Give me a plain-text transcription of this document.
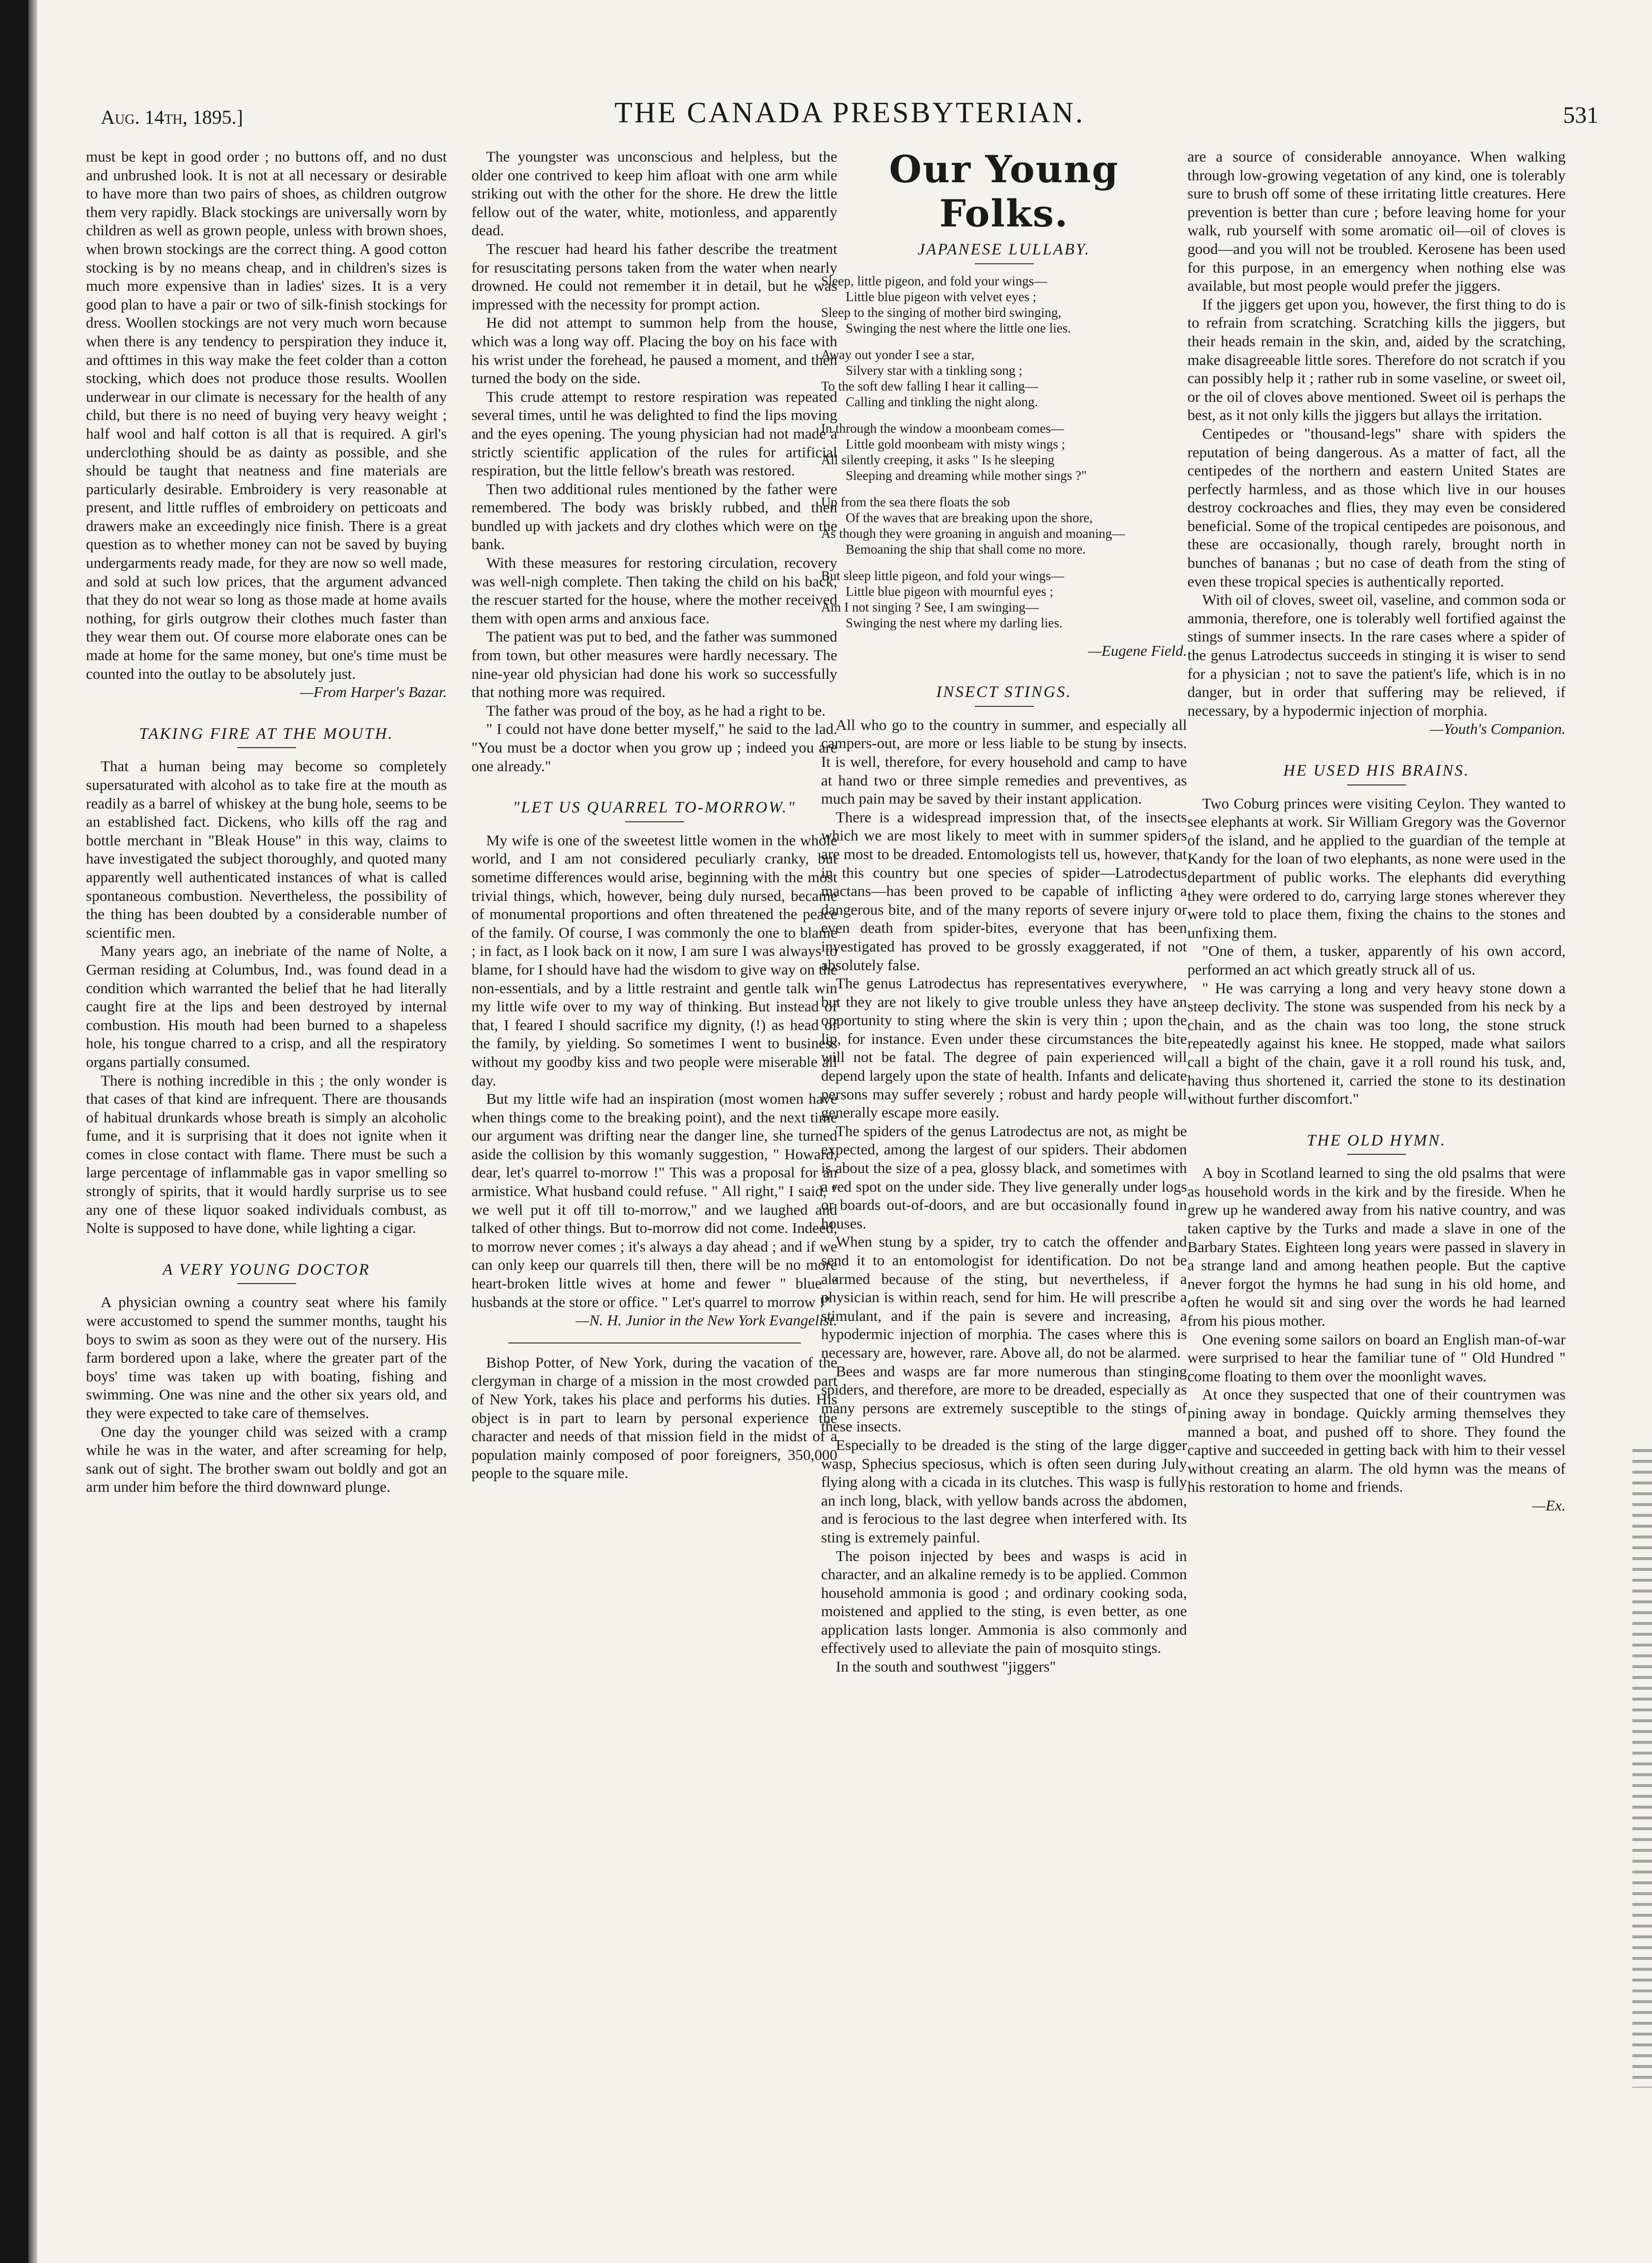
Aug. 14th, 1895.]	THE CANADA PRESBYTERIAN.	531

must be kept in good order ; no buttons off, and no dust and unbrushed look. It is not at all necessary or desirable to have more than two pairs of shoes, as children outgrow them very rapidly. Black stockings are universally worn by children as well as grown people, unless with brown shoes, when brown stockings are the correct thing. A good cotton stocking is by no means cheap, and in children's sizes is much more expensive than in ladies' sizes. It is a very good plan to have a pair or two of silk-finish stockings for dress. Woollen stockings are not very much worn because when there is any tendency to perspiration they induce it, and ofttimes in this way make the feet colder than a cotton stocking, which does not produce those results. Woollen underwear in our climate is necessary for the health of any child, but there is no need of buying very heavy weight ; half wool and half cotton is all that is required. A girl's underclothing should be as dainty as possible, and she should be taught that neatness and fine materials are particularly desirable. Embroidery is very reasonable at present, and little ruffles of embroidery on petticoats and drawers make an exceedingly nice finish. There is a great question as to whether money can not be saved by buying undergarments ready made, for they are now so well made, and sold at such low prices, that the argument advanced that they do not wear so long as those made at home avails nothing, for girls outgrow their clothes much faster than they wear them out. Of course more elaborate ones can be made at home for the same money, but one's time must be counted into the outlay to be absolutely just.

—From Harper's Bazar.

TAKING FIRE AT THE MOUTH.

That a human being may become so completely supersaturated with alcohol as to take fire at the mouth as readily as a barrel of whiskey at the bung hole, seems to be an established fact. Dickens, who kills off the rag and bottle merchant in "Bleak House" in this way, claims to have investigated the subject thoroughly, and quoted many apparently well authenticated instances of what is called spontaneous combustion. Nevertheless, the possibility of the thing has been doubted by a considerable number of scientific men.

Many years ago, an inebriate of the name of Nolte, a German residing at Columbus, Ind., was found dead in a condition which warranted the belief that he had literally caught fire at the lips and been destroyed by internal combustion. His mouth had been burned to a shapeless hole, his tongue charred to a crisp, and all the respiratory organs partially consumed.

There is nothing incredible in this ; the only wonder is that cases of that kind are infrequent. There are thousands of habitual drunkards whose breath is simply an alcoholic fume, and it is surprising that it does not ignite when it comes in close contact with flame. There must be such a large percentage of inflammable gas in vapor smelling so strongly of spirits, that it would hardly surprise us to see any one of these liquor soaked individuals combust, as Nolte is supposed to have done, while lighting a cigar.

A VERY YOUNG DOCTOR

A physician owning a country seat where his family were accustomed to spend the summer months, taught his boys to swim as soon as they were out of the nursery. His farm bordered upon a lake, where the greater part of the boys' time was taken up with boating, fishing and swimming. One was nine and the other six years old, and they were expected to take care of themselves.

One day the younger child was seized with a cramp while he was in the water, and after screaming for help, sank out of sight. The brother swam out boldly and got an arm under him before the third downward plunge.

The youngster was unconscious and helpless, but the older one contrived to keep him afloat with one arm while striking out with the other for the shore. He drew the little fellow out of the water, white, motionless, and apparently dead.

The rescuer had heard his father describe the treatment for resuscitating persons taken from the water when nearly drowned. He could not remember it in detail, but he was impressed with the necessity for prompt action.

He did not attempt to summon help from the house, which was a long way off. Placing the boy on his face with his wrist under the forehead, he paused a moment, and then turned the body on the side.

This crude attempt to restore respiration was repeated several times, until he was delighted to find the lips moving and the eyes opening. The young physician had not made a strictly scientific application of the rules for artificial respiration, but the little fellow's breath was restored.

Then two additional rules mentioned by the father were remembered. The body was briskly rubbed, and then bundled up with jackets and dry clothes which were on the bank.

With these measures for restoring circulation, recovery was well-nigh complete. Then taking the child on his back, the rescuer started for the house, where the mother received them with open arms and anxious face.

The patient was put to bed, and the father was summoned from town, but other measures were hardly necessary. The nine-year old physician had done his work so successfully that nothing more was required.

The father was proud of the boy, as he had a right to be.

" I could not have done better myself," he said to the lad. "You must be a doctor when you grow up ; indeed you are one already."

"LET US QUARREL TO-MORROW."

My wife is one of the sweetest little women in the whole world, and I am not considered peculiarly cranky, but sometime differences would arise, beginning with the most trivial things, which, however, being duly nursed, became of monumental proportions and often threatened the peace of the family. Of course, I was commonly the one to blame ; in fact, as I look back on it now, I am sure I was always to blame, for I should have had the wisdom to give way on the non-essentials, and by a little restraint and gentle talk win my little wife over to my way of thinking. But instead of that, I feared I should sacrifice my dignity, (!) as head of the family, by yielding. So sometimes I went to business without my goodby kiss and two people were miserable all day.

But my little wife had an inspiration (most women have when things come to the breaking point), and the next time our argument was drifting near the danger line, she turned aside the collision by this womanly suggestion, " Howard, dear, let's quarrel to-morrow !" This was a proposal for an armistice. What husband could refuse. " All right," I said, " we well put it off till to-morrow," and we laughed and talked of other things. But to-morrow did not come. Indeed, to morrow never comes ; it's always a day ahead ; and if we can only keep our quarrels till then, there will be no more heart-broken little wives at home and fewer " blue " husbands at the store or office. " Let's quarrel to morrow !"

—N. H. Junior in the New York Evangelist.

Bishop Potter, of New York, during the vacation of the clergyman in charge of a mission in the most crowded part of New York, takes his place and performs his duties. His object is in part to learn by personal experience the character and needs of that mission field in the midst of a population mainly composed of poor foreigners, 350,000 people to the square mile.

Our Young Folks.
JAPANESE LULLABY.
Sleep, little pigeon, and fold your wings—
Little blue pigeon with velvet eyes ;
Sleep to the singing of mother bird swinging,
Swinging the nest where the little one lies.
Away out yonder I see a star,
Silvery star with a tinkling song ;
To the soft dew falling I hear it calling—
Calling and tinkling the night along.
In through the window a moonbeam comes—
Little gold moonbeam with misty wings ;
All silently creeping, it asks " Is he sleeping
Sleeping and dreaming while mother sings ?"
Up from the sea there floats the sob
Of the waves that are breaking upon the shore,
As though they were groaning in anguish and moaning—
Bemoaning the ship that shall come no more.
But sleep little pigeon, and fold your wings—
Little blue pigeon with mournful eyes ;
Am I not singing ? See, I am swinging—
Swinging the nest where my darling lies.

—Eugene Field.

INSECT STINGS.

All who go to the country in summer, and especially all campers-out, are more or less liable to be stung by insects. It is well, therefore, for every household and camp to have at hand two or three simple remedies and preventives, as much pain may be saved by their instant application.

There is a widespread impression that, of the insects which we are most likely to meet with in summer spiders are most to be dreaded. Entomologists tell us, however, that in this country but one species of spider—Latrodectus mactans—has been proved to be capable of inflicting a dangerous bite, and of the many reports of severe injury or even death from spider-bites, everyone that has been investigated has proved to be grossly exaggerated, if not absolutely false.

The genus Latrodectus has representatives everywhere, but they are not likely to give trouble unless they have an opportunity to sting where the skin is very thin ; upon the lip, for instance. Even under these circumstances the bite will not be fatal. The degree of pain experienced will depend largely upon the state of health. Infants and delicate persons may suffer severely ; robust and hardy people will generally escape more easily.

The spiders of the genus Latrodectus are not, as might be expected, among the largest of our spiders. Their abdomen is about the size of a pea, glossy black, and sometimes with a red spot on the under side. They live generally under logs or boards out-of-doors, and are but occasionally found in houses.

When stung by a spider, try to catch the offender and send it to an entomologist for identification. Do not be alarmed because of the sting, but nevertheless, if a physician is within reach, send for him. He will prescribe a stimulant, and if the pain is severe and increasing, a hypodermic injection of morphia. The cases where this is necessary are, however, rare. Above all, do not be alarmed.

Bees and wasps are far more numerous than stinging spiders, and therefore, are more to be dreaded, especially as many persons are extremely susceptible to the stings of these insects.

Especially to be dreaded is the sting of the large digger wasp, Sphecius speciosus, which is often seen during July flying along with a cicada in its clutches. This wasp is fully an inch long, black, with yellow bands across the abdomen, and is ferocious to the last degree when interfered with. Its sting is extremely painful.

The poison injected by bees and wasps is acid in character, and an alkaline remedy is to be applied. Common household ammonia is good ; and ordinary cooking soda, moistened and applied to the sting, is even better, as one application lasts longer. Ammonia is also commonly and effectively used to alleviate the pain of mosquito stings.

In the south and southwest "jiggers"

are a source of considerable annoyance. When walking through low-growing vegetation of any kind, one is tolerably sure to brush off some of these irritating little creatures. Here prevention is better than cure ; before leaving home for your walk, rub yourself with some aromatic oil—oil of cloves is good—and you will not be troubled. Kerosene has been used for this purpose, in an emergency when nothing else was available, but most people would prefer the jiggers.

If the jiggers get upon you, however, the first thing to do is to refrain from scratching. Scratching kills the jiggers, but their heads remain in the skin, and, aided by the scratching, make disagreeable little sores. Therefore do not scratch if you can possibly help it ; rather rub in some vaseline, or sweet oil, or the oil of cloves above mentioned. Sweet oil is perhaps the best, as it not only kills the jiggers but allays the irritation.

Centipedes or "thousand-legs" share with spiders the reputation of being dangerous. As a matter of fact, all the centipedes of the northern and eastern United States are perfectly harmless, and as those which live in our houses destroy cockroaches and flies, they may even be considered beneficial. Some of the tropical centipedes are poisonous, and these are occasionally, though rarely, brought north in bunches of bananas ; but no case of death from the sting of even these tropical species is authentically reported.

With oil of cloves, sweet oil, vaseline, and common soda or ammonia, therefore, one is tolerably well fortified against the stings of summer insects. In the rare cases where a spider of the genus Latrodectus succeeds in stinging it is wiser to send for a physician ; not to save the patient's life, which is in no danger, but in order that suffering may be relieved, if necessary, by a hypodermic injection of morphia.

—Youth's Companion.

HE USED HIS BRAINS.

Two Coburg princes were visiting Ceylon. They wanted to see elephants at work. Sir William Gregory was the Governor of the island, and he applied to the guardian of the temple at Kandy for the loan of two elephants, as none were used in the department of public works. The elephants did everything they were ordered to do, carrying large stones wherever they were told to place them, fixing the chains to the stones and unfixing them.

"One of them, a tusker, apparently of his own accord, performed an act which greatly struck all of us.

" He was carrying a long and very heavy stone down a steep declivity. The stone was suspended from his neck by a chain, and as the chain was too long, the stone struck repeatedly against his knee. He stopped, made what sailors call a bight of the chain, gave it a roll round his tusk, and, having thus shortened it, carried the stone to its destination without further discomfort."

THE OLD HYMN.

A boy in Scotland learned to sing the old psalms that were as household words in the kirk and by the fireside. When he grew up he wandered away from his native country, and was taken captive by the Turks and made a slave in one of the Barbary States. Eighteen long years were passed in slavery in a strange land and among heathen people. But the captive never forgot the hymns he had sung in his old home, and often he would sit and sing over the words he had learned from his pious mother.

One evening some sailors on board an English man-of-war were surprised to hear the familiar tune of " Old Hundred " come floating to them over the moonlight waves.

At once they suspected that one of their countrymen was pining away in bondage. Quickly arming themselves they manned a boat, and pushed off to shore. They found the captive and succeeded in getting back with him to their vessel without creating an alarm. The old hymn was the means of his restoration to home and friends.

—Ex.
